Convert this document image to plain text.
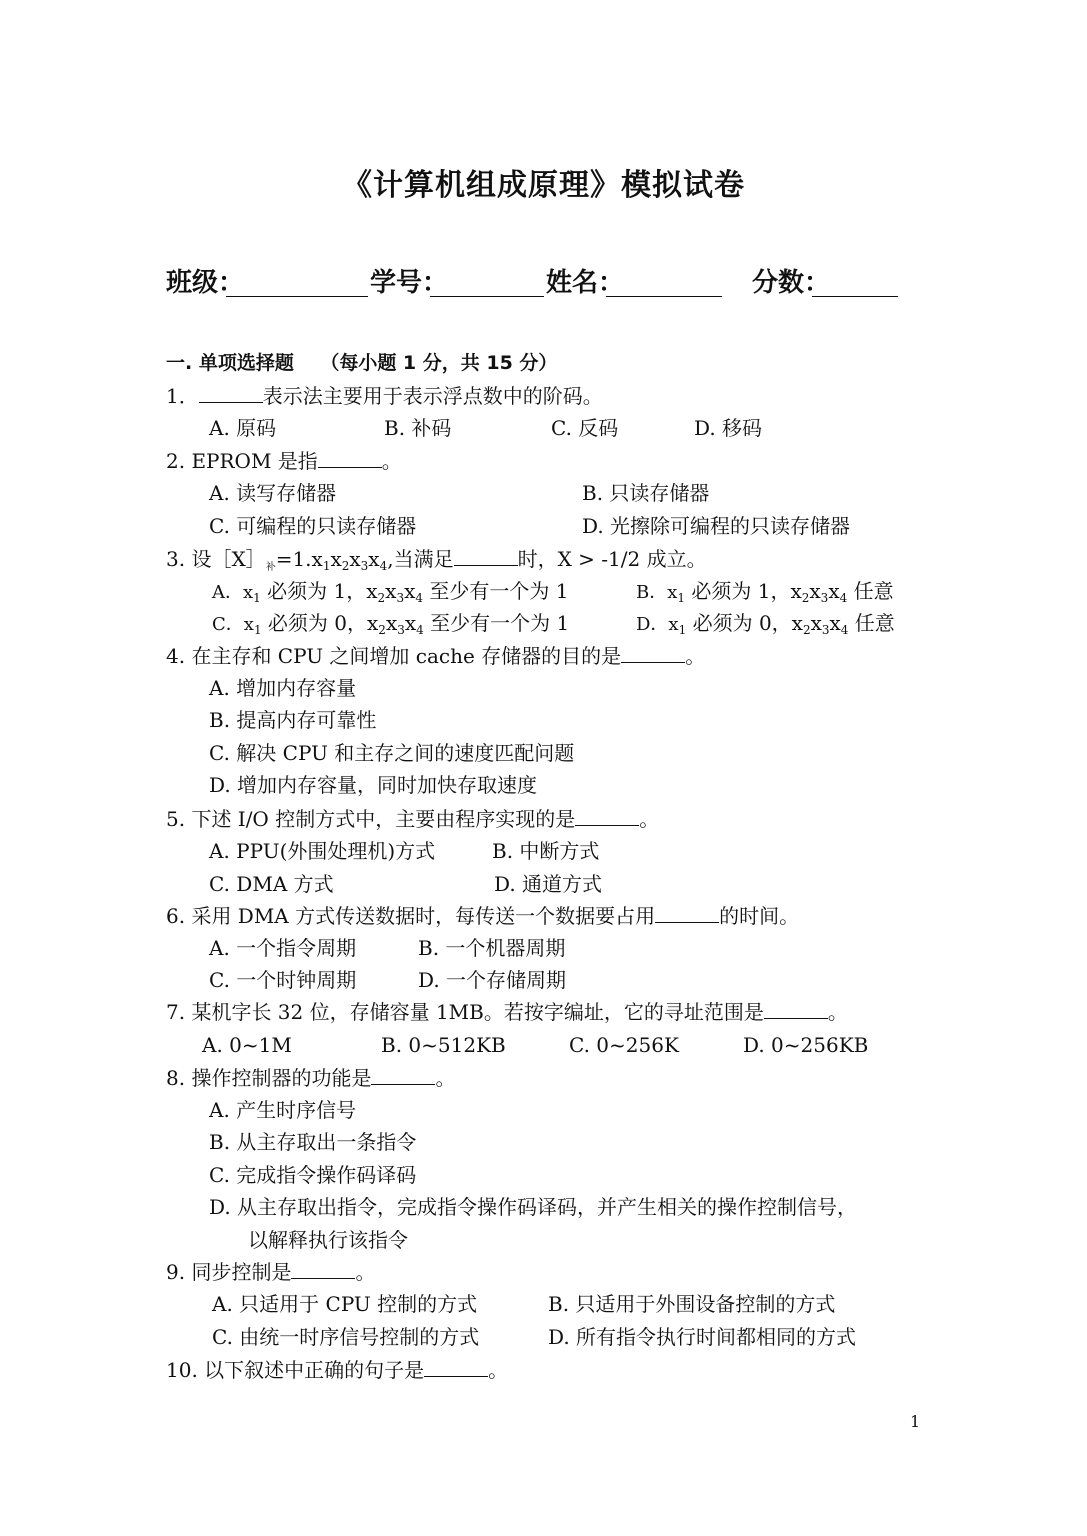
《计算机组成原理》模拟试卷
班级：	学号：	姓名：	分数：
一. 单项选择题 （每小题 1 分，共 15 分）
1．	表示法主要用于表示浮点数中的阶码。
A. 原码	B. 补码	C. 反码	D. 移码
2. EPROM 是指	。
A. 读写存储器	B. 只读存储器
C. 可编程的只读存储器	D. 光擦除可编程的只读存储器
3. 设$[X]_补=1.x_1x_2x_3x_4$,当满足	时，X > -1/2 成立。
A．$x_1$ 必须为 1，$x_2x_3x_4$ 至少有一个为 1	B．$x_1$ 必须为 1，$x_2x_3x_4$ 任意
C．$x_1$ 必须为 0，$x_2x_3x_4$ 至少有一个为 1	D．$x_1$ 必须为 0，$x_2x_3x_4$ 任意
4. 在主存和 CPU 之间增加 cache 存储器的目的是	。
A. 增加内存容量
B. 提高内存可靠性
C. 解决 CPU 和主存之间的速度匹配问题
D. 增加内存容量，同时加快存取速度
5. 下述 I/O 控制方式中，主要由程序实现的是	。
A. PPU(外围处理机)方式	B. 中断方式
C. DMA 方式	D. 通道方式
6. 采用 DMA 方式传送数据时，每传送一个数据要占用	的时间。
A. 一个指令周期	B. 一个机器周期
C. 一个时钟周期	D. 一个存储周期
7. 某机字长 32 位，存储容量 1MB。若按字编址，它的寻址范围是	。
A. 0~1M	B. 0~512KB	C. 0~256K	D. 0~256KB
8. 操作控制器的功能是	。
A. 产生时序信号
B. 从主存取出一条指令
C. 完成指令操作码译码
D. 从主存取出指令，完成指令操作码译码，并产生相关的操作控制信号，
以解释执行该指令
9. 同步控制是	。
A. 只适用于 CPU 控制的方式	B. 只适用于外围设备控制的方式
C. 由统一时序信号控制的方式	D. 所有指令执行时间都相同的方式
10. 以下叙述中正确的句子是	。
1
